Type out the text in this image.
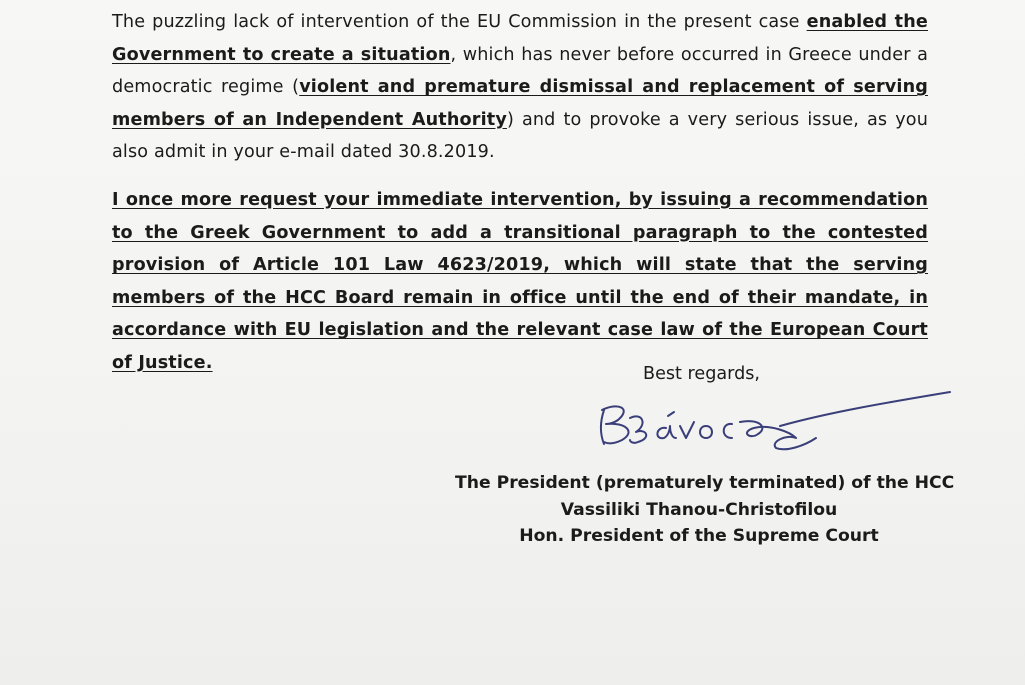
The puzzling lack of intervention of the EU Commission in the present case enabled the Government to create a situation, which has never before occurred in Greece under a democratic regime (violent and premature dismissal and replacement of serving members of an Independent Authority) and to provoke a very serious issue, as you also admit in your e-mail dated 30.8.2019.

I once more request your immediate intervention, by issuing a recommendation to the Greek Government to add a transitional paragraph to the contested provision of Article 101 Law 4623/2019, which will state that the serving members of the HCC Board remain in office until the end of their mandate, in accordance with EU legislation and the relevant case law of the European Court of Justice.

Best regards,
The President (prematurely terminated) of the HCC
Vassiliki Thanou-Christofilou
Hon. President of the Supreme Court
